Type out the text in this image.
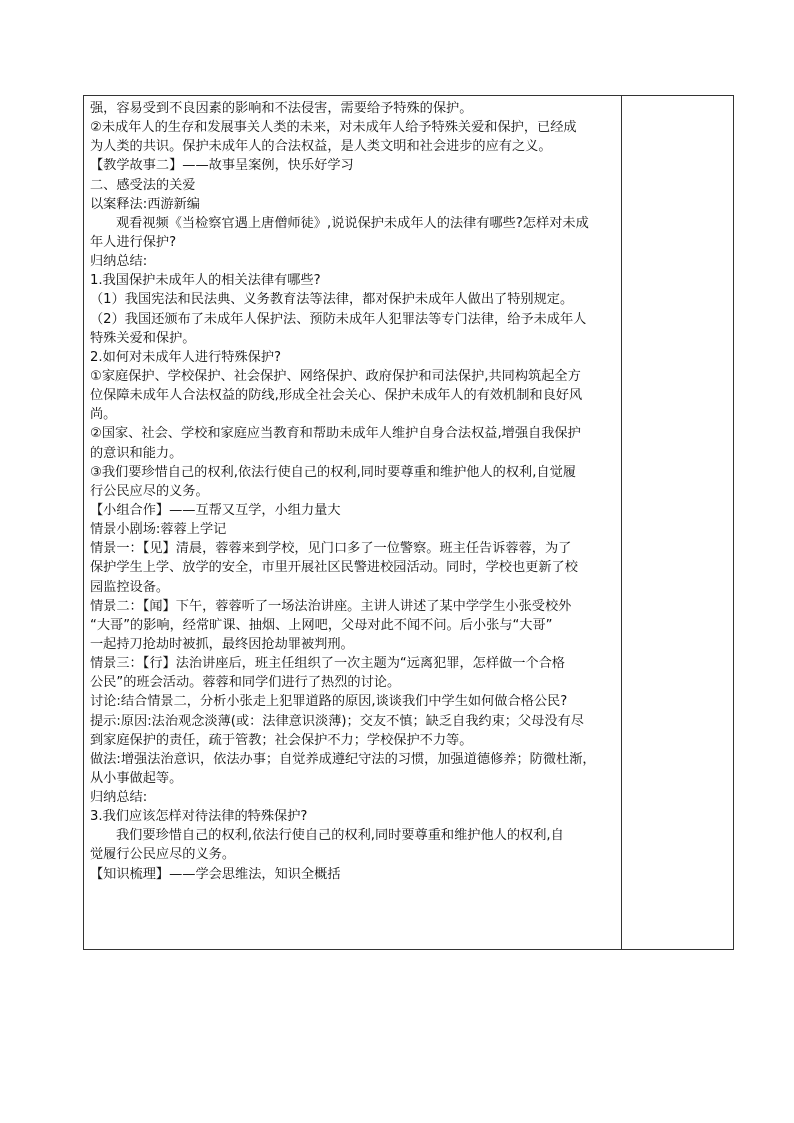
强，容易受到不良因素的影响和不法侵害，需要给予特殊的保护。
②未成年人的生存和发展事关人类的未来，对未成年人给予特殊关爱和保护，已经成
为人类的共识。保护未成年人的合法权益，是人类文明和社会进步的应有之义。
【教学故事二】——故事呈案例，快乐好学习
二、感受法的关爱
以案释法:西游新编
观看视频《当检察官遇上唐僧师徒》,说说保护未成年人的法律有哪些?怎样对未成
年人进行保护?
归纳总结:
1.我国保护未成年人的相关法律有哪些?
（1）我国宪法和民法典、义务教育法等法律，都对保护未成年人做出了特别规定。
（2）我国还颁布了未成年人保护法、预防未成年人犯罪法等专门法律，给予未成年人
特殊关爱和保护。
2.如何对未成年人进行特殊保护?
①家庭保护、学校保护、社会保护、网络保护、政府保护和司法保护,共同构筑起全方
位保障未成年人合法权益的防线,形成全社会关心、保护未成年人的有效机制和良好风
尚。
②国家、社会、学校和家庭应当教育和帮助未成年人维护自身合法权益,增强自我保护
的意识和能力。
③我们要珍惜自己的权利,依法行使自己的权利,同时要尊重和维护他人的权利,自觉履
行公民应尽的义务。
【小组合作】——互帮又互学，小组力量大
情景小剧场:蓉蓉上学记
情景一：【见】清晨，蓉蓉来到学校，见门口多了一位警察。班主任告诉蓉蓉，为了
保护学生上学、放学的安全，市里开展社区民警进校园活动。同时，学校也更新了校
园监控设备。
情景二：【闻】下午，蓉蓉听了一场法治讲座。主讲人讲述了某中学学生小张受校外
“大哥”的影响，经常旷课、抽烟、上网吧，父母对此不闻不问。后小张与“大哥”
一起持刀抢劫时被抓，最终因抢劫罪被判刑。
情景三：【行】法治讲座后，班主任组织了一次主题为“远离犯罪，怎样做一个合格
公民”的班会活动。蓉蓉和同学们进行了热烈的讨论。
讨论:结合情景二，分析小张走上犯罪道路的原因,谈谈我们中学生如何做合格公民?
提示:原因:法治观念淡薄(或：法律意识淡薄)；交友不慎；缺乏自我约束；父母没有尽
到家庭保护的责任，疏于管教；社会保护不力；学校保护不力等。
做法:增强法治意识，依法办事；自觉养成遵纪守法的习惯，加强道德修养；防微杜渐，
从小事做起等。
归纳总结:
3.我们应该怎样对待法律的特殊保护?
我们要珍惜自己的权利,依法行使自己的权利,同时要尊重和维护他人的权利,自
觉履行公民应尽的义务。
【知识梳理】——学会思维法，知识全概括
